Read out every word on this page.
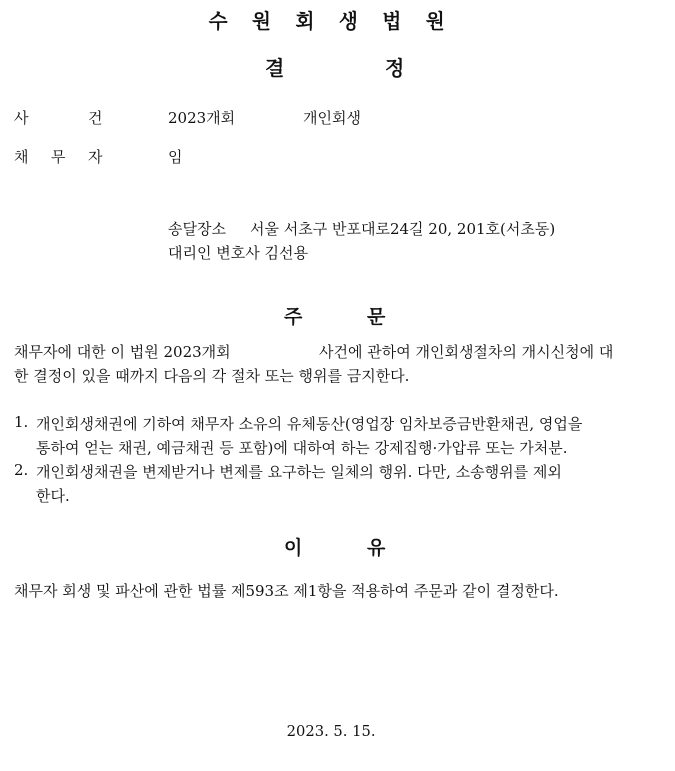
수 원 회 생 법 원
결	정
사	건	2023개회	개인회생
채 무 자	임
송달장소 서울 서초구 반포대로24길 20, 201호(서초동)
대리인 변호사 김선용
주	문
채무자에 대한 이 법원 2023개회	사건에 관하여 개인회생절차의 개시신청에 대
한 결정이 있을 때까지 다음의 각 절차 또는 행위를 금지한다.
1. 개인회생채권에 기하여 채무자 소유의 유체동산(영업장 임차보증금반환채권, 영업을
통하여 얻는 채권, 예금채권 등 포함)에 대하여 하는 강제집행·가압류 또는 가처분.
2. 개인회생채권을 변제받거나 변제를 요구하는 일체의 행위. 다만, 소송행위를 제외
한다.
이	유
채무자 회생 및 파산에 관한 법률 제593조 제1항을 적용하여 주문과 같이 결정한다.
2023. 5. 15.
